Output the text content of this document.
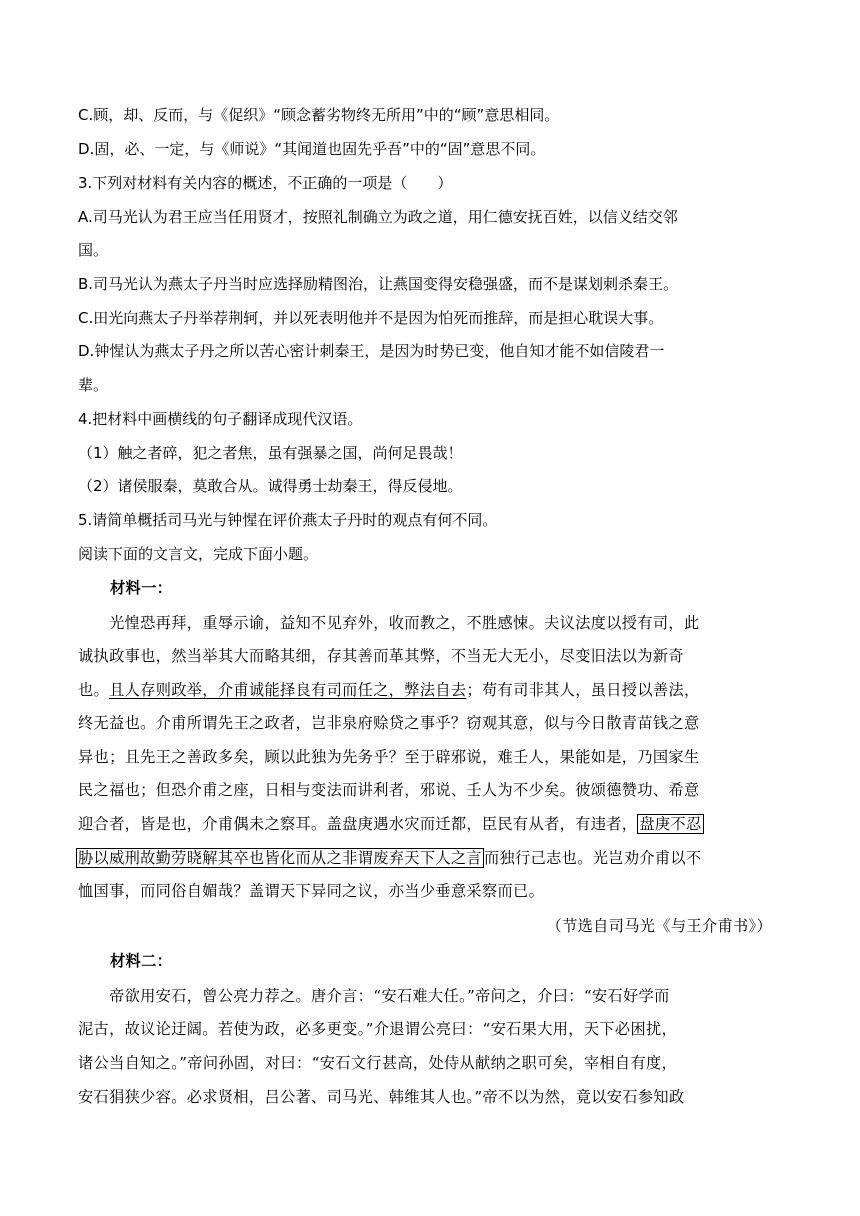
C.顾，却、反而，与《促织》“顾念蓄劣物终无所用”中的“顾”意思相同。
D.固，必、一定，与《师说》“其闻道也固先乎吾”中的“固”意思不同。
3.下列对材料有关内容的概述，不正确的一项是（　　）
A.司马光认为君王应当任用贤才，按照礼制确立为政之道，用仁德安抚百姓，以信义结交邻
国。
B.司马光认为燕太子丹当时应选择励精图治，让燕国变得安稳强盛，而不是谋划刺杀秦王。
C.田光向燕太子丹举荐荆轲，并以死表明他并不是因为怕死而推辞，而是担心耽误大事。
D.钟惺认为燕太子丹之所以苦心密计刺秦王，是因为时势已变，他自知才能不如信陵君一
辈。
4.把材料中画横线的句子翻译成现代汉语。
（1）触之者碎，犯之者焦，虽有强暴之国，尚何足畏哉！
（2）诸侯服秦，莫敢合从。诚得勇士劫秦王，得反侵地。
5.请简单概括司马光与钟惺在评价燕太子丹时的观点有何不同。
阅读下面的文言文，完成下面小题。
材料一：
　　光惶恐再拜，重辱示谕，益知不见弃外，收而教之，不胜感悚。夫议法度以授有司，此
诚执政事也，然当举其大而略其细，存其善而革其弊，不当无大无小，尽变旧法以为新奇
也。且人存则政举，介甫诚能择良有司而任之，弊法自去；苟有司非其人，虽日授以善法，
终无益也。介甫所谓先王之政者，岂非泉府赊贷之事乎？窃观其意，似与今日散青苗钱之意
异也；且先王之善政多矣，顾以此独为先务乎？至于辟邪说，难壬人，果能如是，乃国家生
民之福也；但恐介甫之座，日相与变法而讲利者，邪说、壬人为不少矣。彼颂德赞功、希意
迎合者，皆是也，介甫偶未之察耳。盖盘庚遇水灾而迁都，臣民有从者，有违者， 盘庚不忍
胁以威刑故勤劳晓解其卒也皆化而从之非谓废弃天下人之言 而独行己志也。光岂劝介甫以不
恤国事，而同俗自媚哉？盖谓天下异同之议，亦当少垂意采察而已。
（节选自司马光《与王介甫书》）
材料二：
　　帝欲用安石，曾公亮力荐之。唐介言：“安石难大任。”帝问之，介曰：“安石好学而
泥古，故议论迂阔。若使为政，必多更变。”介退谓公亮曰：“安石果大用，天下必困扰，
诸公当自知之。”帝问孙固，对曰：“安石文行甚高，处侍从献纳之职可矣，宰相自有度，
安石狷狭少容。必求贤相，吕公著、司马光、韩维其人也。”帝不以为然，竟以安石参知政
